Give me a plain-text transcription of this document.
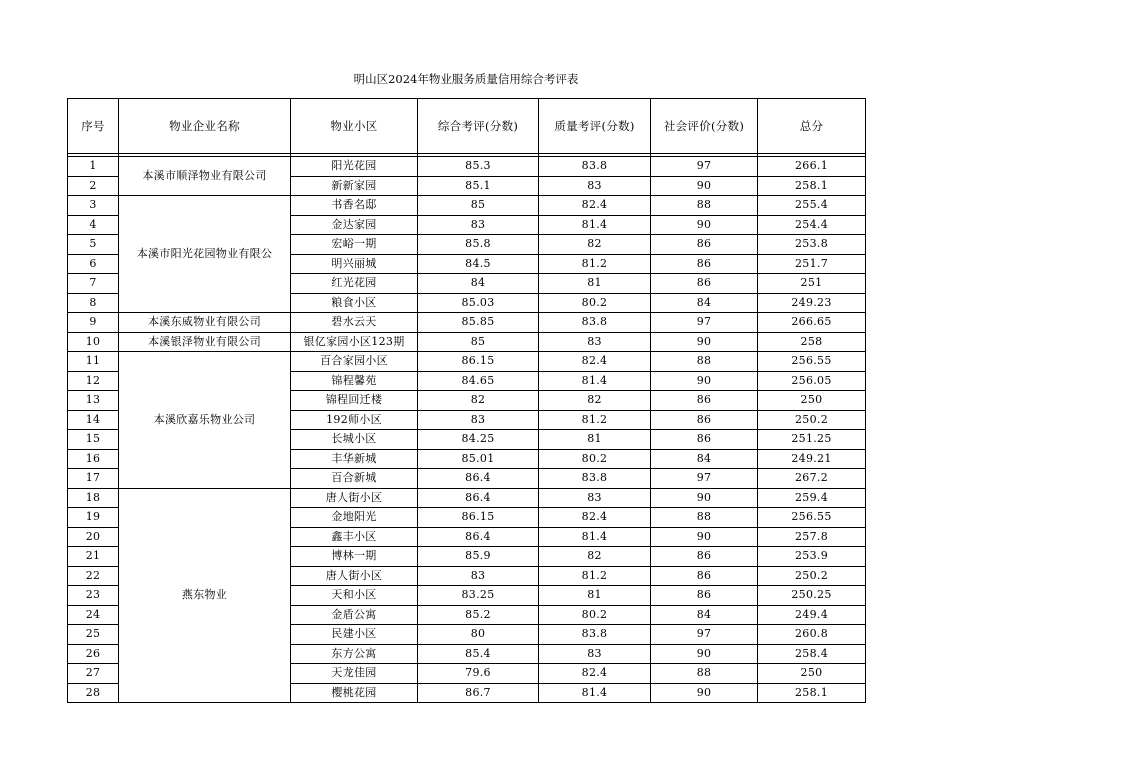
明山区2024年物业服务质量信用综合考评表
序号	物业企业名称	物业小区	综合考评(分数)	质量考评(分数)	社会评价(分数)	总分

1	本溪市顺泽物业有限公司	阳光花园	85.3	83.8	97	266.1
2		新新家园	85.1	83	90	258.1
3	本溪市阳光花园物业有限公	书香名邸	85	82.4	88	255.4
4		金达家园	83	81.4	90	254.4
5		宏峪一期	85.8	82	86	253.8
6		明兴丽城	84.5	81.2	86	251.7
7		红光花园	84	81	86	251
8		粮食小区	85.03	80.2	84	249.23
9	本溪东威物业有限公司	碧水云天	85.85	83.8	97	266.65
10	本溪银泽物业有限公司	银亿家园小区123期	85	83	90	258
11	本溪欣嘉乐物业公司	百合家园小区	86.15	82.4	88	256.55
12		锦程馨苑	84.65	81.4	90	256.05
13		锦程回迁楼	82	82	86	250
14		192师小区	83	81.2	86	250.2
15		长城小区	84.25	81	86	251.25
16		丰华新城	85.01	80.2	84	249.21
17		百合新城	86.4	83.8	97	267.2
18	燕东物业	唐人街小区	86.4	83	90	259.4
19		金地阳光	86.15	82.4	88	256.55
20		鑫丰小区	86.4	81.4	90	257.8
21		博林一期	85.9	82	86	253.9
22		唐人街小区	83	81.2	86	250.2
23		天和小区	83.25	81	86	250.25
24		金盾公寓	85.2	80.2	84	249.4
25		民建小区	80	83.8	97	260.8
26		东方公寓	85.4	83	90	258.4
27		天龙佳园	79.6	82.4	88	250
28		樱桃花园	86.7	81.4	90	258.1
